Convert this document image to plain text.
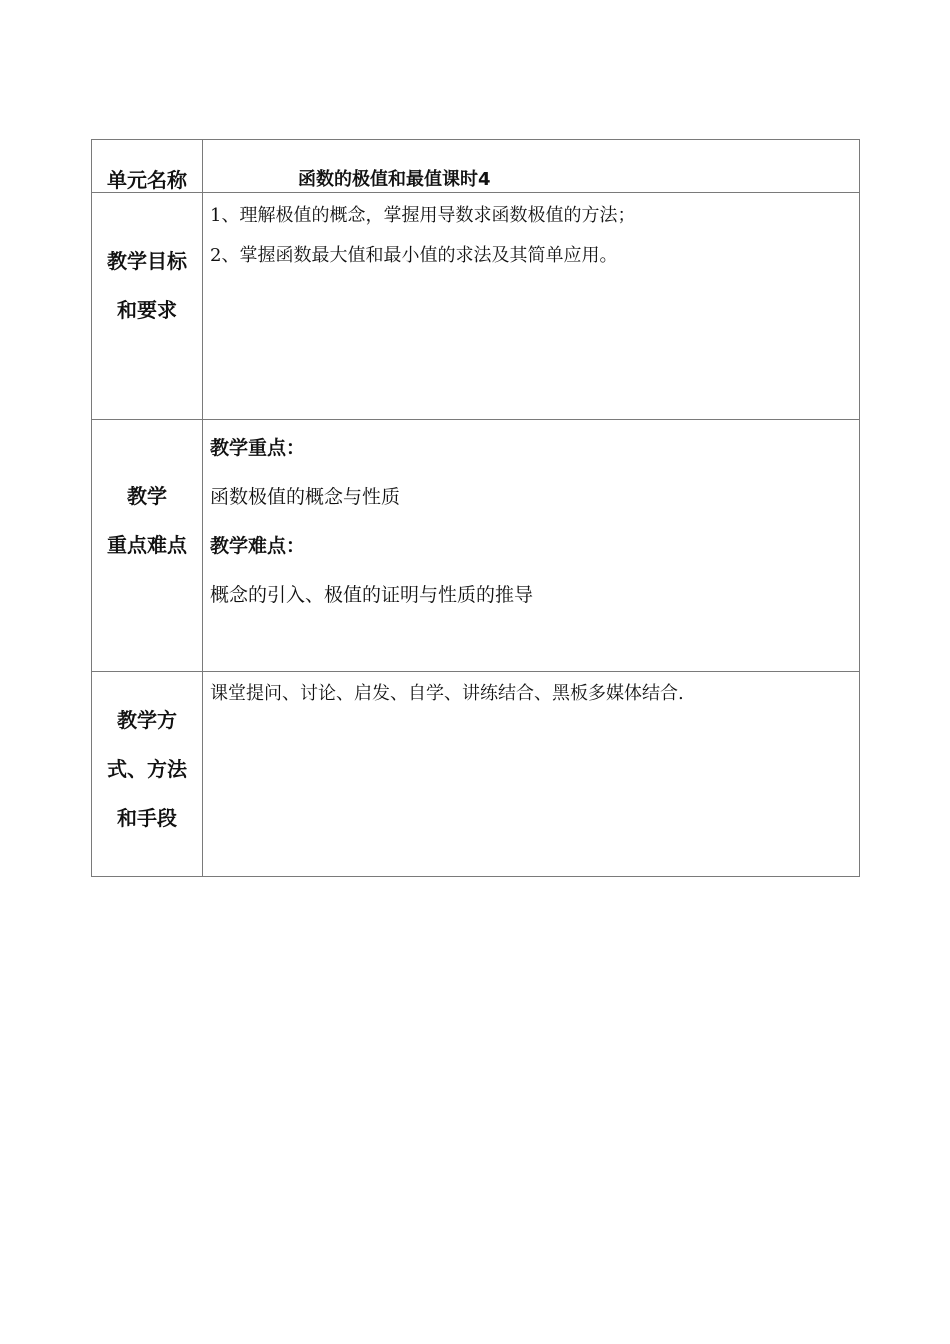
单元名称	函数的极值和最值课时4

教学目标
和要求	1、理解极值的概念，掌握用导数求函数极值的方法；
2、掌握函数最大值和最小值的求法及其简单应用。

教学
重点难点	教学重点：
函数极值的概念与性质
教学难点：
概念的引入、极值的证明与性质的推导

教学方
式、方法
和手段	课堂提问、讨论、启发、自学、讲练结合、黑板多媒体结合.
